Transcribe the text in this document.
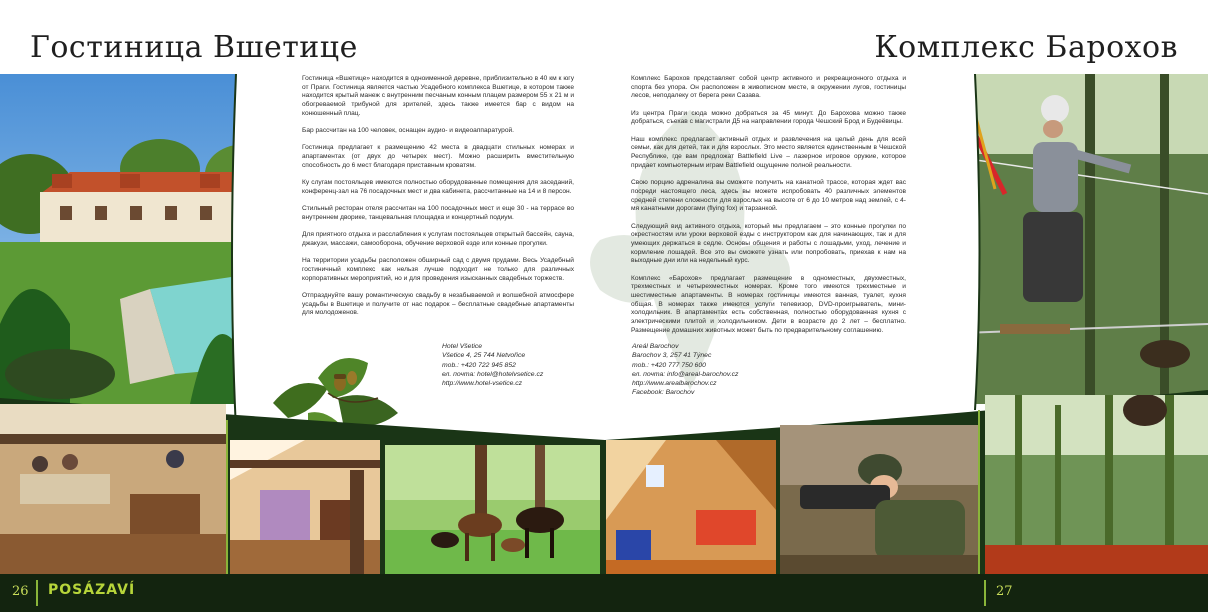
Гостиница Вшетице	Комплекс Барохов

Гостиница «Вшетице» находится в одноименной деревне, приблизительно в 40 км к югу от Праги. Гостиница является частью Усадебного комплекса Вшетице, в котором также находится крытый манеж с внутренним песчаным конным плацем размером 55 х 21 м и обогреваемой трибуной для зрителей, здесь также имеется бар с видом на конюшенный плац.

Бар рассчитан на 100 человек, оснащен аудио- и видеоаппаратурой.

Гостиница предлагает к размещению 42 места в двадцати стильных номерах и апартаментах (от двух до четырех мест). Можно расширить вместительную способность до 6 мест благодаря приставным кроватям.

Ку слугам постояльцев имеются полностью оборудованные помещения для заседаний, конференц-зал на 76 посадочных мест и два кабинета, рассчитанные на 14 и 8 персон.

Стильный ресторан отеля рассчитан на 100 посадочных мест и еще 30 - на террасе во внутреннем дворике, танцевальная площадка и концертный подиум.

Для приятного отдыха и расслабления к услугам постояльцев открытый бассейн, сауна, джакузи, массажи, самооборона, обучение верховой езде или конные прогулки.

На территории усадьбы расположен обширный сад с двумя прудами. Весь Усадебный гостиничный комплекс как нельзя лучше подходит не только для различных корпоративных мероприятий, но и для проведения изысканных свадебных торжеств.

Отпразднуйте вашу романтическую свадьбу в незабываемой и волшебной атмосфере усадьбы в Вшетице и получите от нас подарок – бесплатные свадебные апартаменты для молодоженов.

Комплекс Барохов представляет собой центр активного и рекреационного отдыха и спорта без упора. Он расположен в живописном месте, в окружении лугов, гостиницы лесов, неподалеку от берега реки Сазава.

Из центра Праги сюда можно добраться за 45 минут. До Барохова можно также добраться, съехав с магистрали Д5 на направлении города Чешский Брод и Будеёвицы.

Наш комплекс предлагает активный отдых и развлечения на целый день для всей семьи, как для детей, так и для взрослых. Это место является единственным в Чешской Республике, где вам предложат Battlefield Live – лазерное игровое оружие, которое придает компьютерным играм Battlefield ощущение полной реальности.

Свою порцию адреналина вы сможете получить на канатной трассе, которая ждет вас посреди настоящего леса, здесь вы можете испробовать 40 различных элементов средней степени сложности для взрослых на высоте от 6 до 10 метров над землей, с 4-мя канатными дорогами (flying fox) и тарзанкой.

Следующий вид активного отдыха, который мы предлагаем – это конные прогулки по окрестностям или уроки верховой езды с инструктором как для начинающих, так и для умеющих держаться в седле. Основы общения и работы с лошадьми, уход, лечение и кормление лошадей. Все это вы сможете узнать или попробовать, приехав к нам на выходные дни или на недельный курс.

Комплекс «Барохов» предлагает размещение в одноместных, двухместных, трехместных и четырехместных номерах. Кроме того имеются трехместные и шестиместные апартаменты. В номерах гостиницы имеются ванная, туалет, кухня общая. В номерах также имеются услуги телевизор, DVD-проигрыватель, мини-холодильник. В апартаментах есть собственная, полностью оборудованная кухня с электрическими плитой и холодильником. Дети в возрасте до 2 лет – бесплатно. Размещение домашних животных может быть по предварительному соглашению.

Hotel Všetice
Všetice 4, 25 744 Netvořice
mob.: +420 722 945 852
ел. почта: hotel@hotelvsetice.cz
http://www.hotel-vsetice.cz
Areál Barochov
Barochov 3, 257 41 Týnec
mob.: +420 777 750 600
ел. почта: info@areal-barochov.cz
http://www.arealbarochov.cz
Facebook: Barochov
26 POSÁZAVÍ	27
